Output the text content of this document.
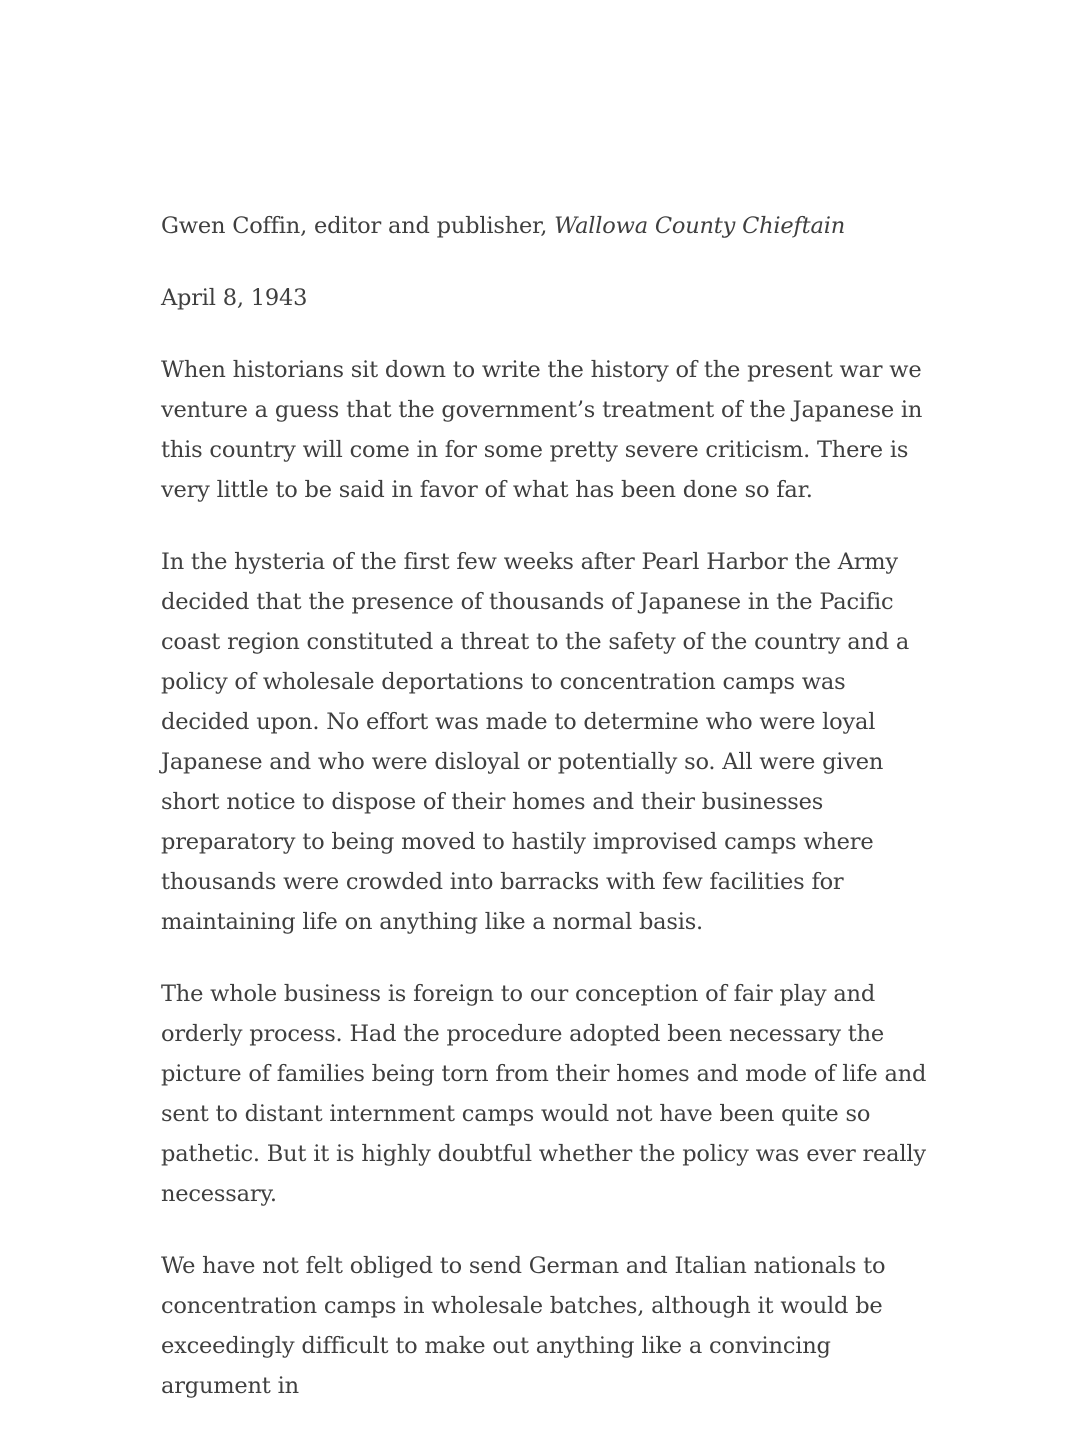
Gwen Coffin, editor and publisher, Wallowa County Chieftain

April 8, 1943

When historians sit down to write the history of the present war we venture a guess that the government’s treatment of the Japanese in this country will come in for some pretty severe criticism. There is very little to be said in favor of what has been done so far.

In the hysteria of the first few weeks after Pearl Harbor the Army decided that the presence of thousands of Japanese in the Pacific coast region constituted a threat to the safety of the country and a policy of wholesale deportations to concentration camps was decided upon. No effort was made to determine who were loyal Japanese and who were disloyal or potentially so. All were given short notice to dispose of their homes and their businesses preparatory to being moved to hastily improvised camps where thousands were crowded into barracks with few facilities for maintaining life on anything like a normal basis.

The whole business is foreign to our conception of fair play and orderly process. Had the procedure adopted been necessary the picture of families being torn from their homes and mode of life and sent to distant internment camps would not have been quite so pathetic. But it is highly doubtful whether the policy was ever really necessary.

We have not felt obliged to send German and Italian nationals to concentration camps in wholesale batches, although it would be exceedingly difficult to make out anything like a convincing argument in
